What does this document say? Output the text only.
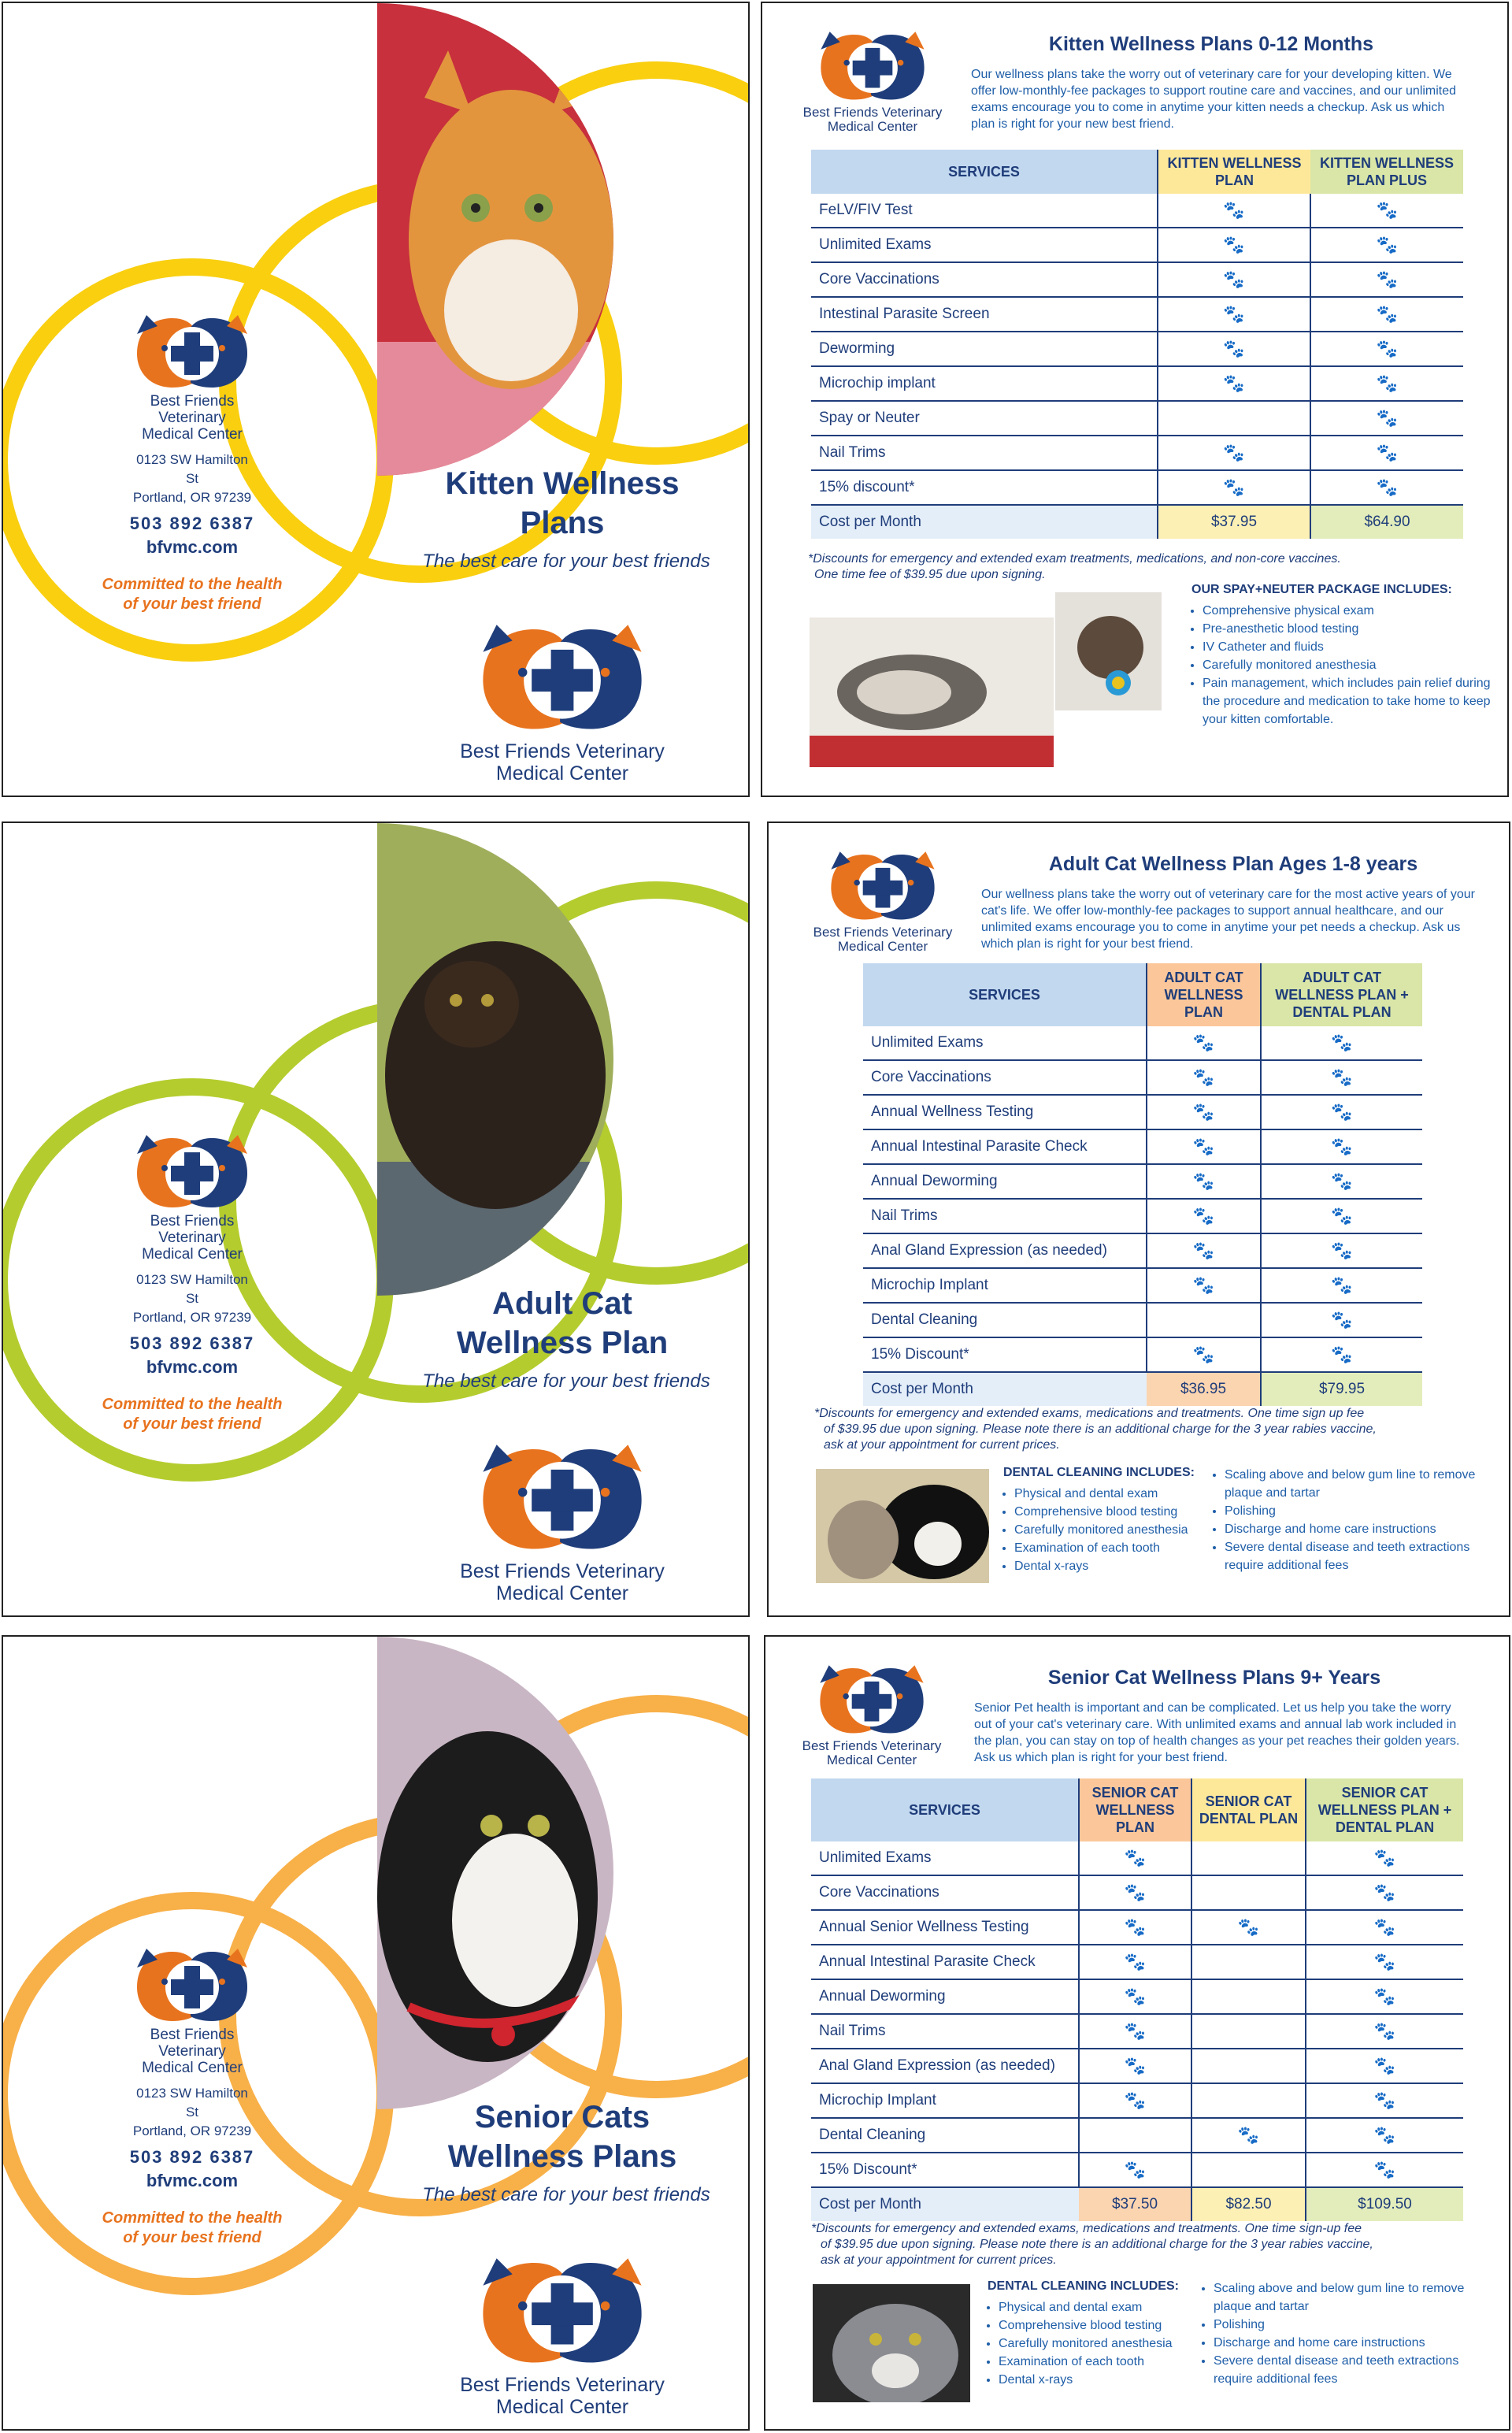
Best Friends Veterinary
Medical Center
0123 SW Hamilton St
Portland, OR 97239
503 892 6387
bfvmc.com
Committed to the health
of your best friend
Kitten Wellness
Plans
The best care for your best friends
Best Friends Veterinary
Medical Center
Best Friends Veterinary
Medical Center
Kitten Wellness Plans 0-12 Months
Our wellness plans take the worry out of veterinary care for your developing kitten. We offer low-monthly-fee packages to support routine care and vaccines, and our unlimited exams encourage you to come in anytime your kitten needs a checkup. Ask us which plan is right for your new best friend.
SERVICES	KITTEN WELLNESS PLAN	KITTEN WELLNESS PLAN PLUS
FeLV/FIV Test	🐾	🐾
Unlimited Exams	🐾	🐾
Core Vaccinations	🐾	🐾
Intestinal Parasite Screen	🐾	🐾
Deworming	🐾	🐾
Microchip implant	🐾	🐾
Spay or Neuter		🐾
Nail Trims	🐾	🐾
15% discount*	🐾	🐾
Cost per Month	$37.95	$64.90
*Discounts for emergency and extended exam treatments, medications, and non-core vaccines.
One time fee of $39.95 due upon signing.
OUR SPAY+NEUTER PACKAGE INCLUDES:
• Comprehensive physical exam
• Pre-anesthetic blood testing
• IV Catheter and fluids
• Carefully monitored anesthesia
• Pain management, which includes pain relief during the procedure and medication to take home to keep your kitten comfortable.
Best Friends Veterinary
Medical Center
0123 SW Hamilton St
Portland, OR 97239
503 892 6387
bfvmc.com
Committed to the health
of your best friend
Adult Cat
Wellness Plan
The best care for your best friends
Best Friends Veterinary
Medical Center
Best Friends Veterinary
Medical Center
Adult Cat Wellness Plan Ages 1-8 years
Our wellness plans take the worry out of veterinary care for the most active years of your cat's life. We offer low-monthly-fee packages to support annual healthcare, and our unlimited exams encourage you to come in anytime your pet needs a checkup. Ask us which plan is right for your best friend.
SERVICES	ADULT CAT WELLNESS PLAN	ADULT CAT WELLNESS PLAN + DENTAL PLAN
Unlimited Exams	🐾	🐾
Core Vaccinations	🐾	🐾
Annual Wellness Testing	🐾	🐾
Annual Intestinal Parasite Check	🐾	🐾
Annual Deworming	🐾	🐾
Nail Trims	🐾	🐾
Anal Gland Expression (as needed)	🐾	🐾
Microchip Implant	🐾	🐾
Dental Cleaning		🐾
15% Discount*	🐾	🐾
Cost per Month	$36.95	$79.95
*Discounts for emergency and extended exams, medications and treatments. One time sign up fee
of $39.95 due upon signing. Please note there is an additional charge for the 3 year rabies vaccine,
ask at your appointment for current prices.
DENTAL CLEANING INCLUDES:
• Physical and dental exam
• Comprehensive blood testing
• Carefully monitored anesthesia
• Examination of each tooth
• Dental x-rays
• Scaling above and below gum line to remove plaque and tartar
• Polishing
• Discharge and home care instructions
• Severe dental disease and teeth extractions require additional fees
Best Friends Veterinary
Medical Center
0123 SW Hamilton St
Portland, OR 97239
503 892 6387
bfvmc.com
Committed to the health
of your best friend
Senior Cats
Wellness Plans
The best care for your best friends
Best Friends Veterinary
Medical Center
Best Friends Veterinary
Medical Center
Senior Cat Wellness Plans 9+ Years
Senior Pet health is important and can be complicated. Let us help you take the worry out of your cat's veterinary care. With unlimited exams and annual lab work included in the plan, you can stay on top of health changes as your pet reaches their golden years. Ask us which plan is right for your best friend.
SERVICES	SENIOR CAT WELLNESS PLAN	SENIOR CAT DENTAL PLAN	SENIOR CAT WELLNESS PLAN + DENTAL PLAN
Unlimited Exams	🐾		🐾
Core Vaccinations	🐾		🐾
Annual Senior Wellness Testing	🐾	🐾	🐾
Annual Intestinal Parasite Check	🐾		🐾
Annual Deworming	🐾		🐾
Nail Trims	🐾		🐾
Anal Gland Expression (as needed)	🐾		🐾
Microchip Implant	🐾		🐾
Dental Cleaning		🐾	🐾
15% Discount*	🐾		🐾
Cost per Month	$37.50	$82.50	$109.50
*Discounts for emergency and extended exams, medications and treatments. One time sign-up fee
of $39.95 due upon signing. Please note there is an additional charge for the 3 year rabies vaccine,
ask at your appointment for current prices.
DENTAL CLEANING INCLUDES:
• Physical and dental exam
• Comprehensive blood testing
• Carefully monitored anesthesia
• Examination of each tooth
• Dental x-rays
• Scaling above and below gum line to remove plaque and tartar
• Polishing
• Discharge and home care instructions
• Severe dental disease and teeth extractions require additional fees
